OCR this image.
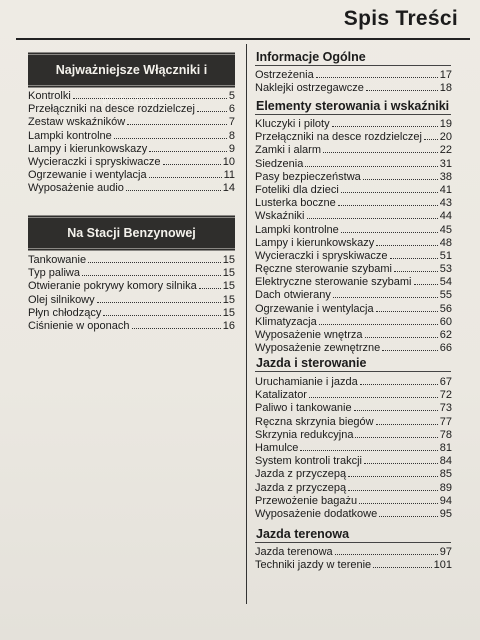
Spis Treści
Najważniejsze Włączniki i Wskaźniki
Kontrolki	5
Przełączniki na desce rozdzielczej	6
Zestaw wskaźników	7
Lampki kontrolne	8
Lampy i kierunkowskazy	9
Wycieraczki i spryskiwacze	10
Ogrzewanie i wentylacja	11
Wyposażenie audio	14
Na Stacji Benzynowej
Tankowanie	15
Typ paliwa	15
Otwieranie pokrywy komory silnika 15
Olej silnikowy	15
Płyn chłodzący	15
Ciśnienie w oponach	16
Informacje Ogólne
Ostrzeżenia	17
Naklejki ostrzegawcze	18
Elementy sterowania i wskaźniki
Kluczyki i piloty	19
Przełączniki na desce rozdzielczej 20
Zamki i alarm	22
Siedzenia	31
Pasy bezpieczeństwa	38
Foteliki dla dzieci	41
Lusterka boczne	43
Wskaźniki	44
Lampki kontrolne	45
Lampy i kierunkowskazy	48
Wycieraczki i spryskiwacze	51
Ręczne sterowanie szybami	53
Elektryczne sterowanie szybami	54
Dach otwierany	55
Ogrzewanie i wentylacja	56
Klimatyzacja	60
Wyposażenie wnętrza	62
Wyposażenie zewnętrzne	66
Jazda i sterowanie
Uruchamianie i jazda	67
Katalizator	72
Paliwo i tankowanie	73
Ręczna skrzynia biegów	77
Skrzynia redukcyjna	78
Hamulce	81
System kontroli trakcji	84
Jazda z przyczepą	85
Jazda z przyczepą	89
Przewożenie bagażu	94
Wyposażenie dodatkowe	95
Jazda terenowa
Jazda terenowa	97
Techniki jazdy w terenie	101
